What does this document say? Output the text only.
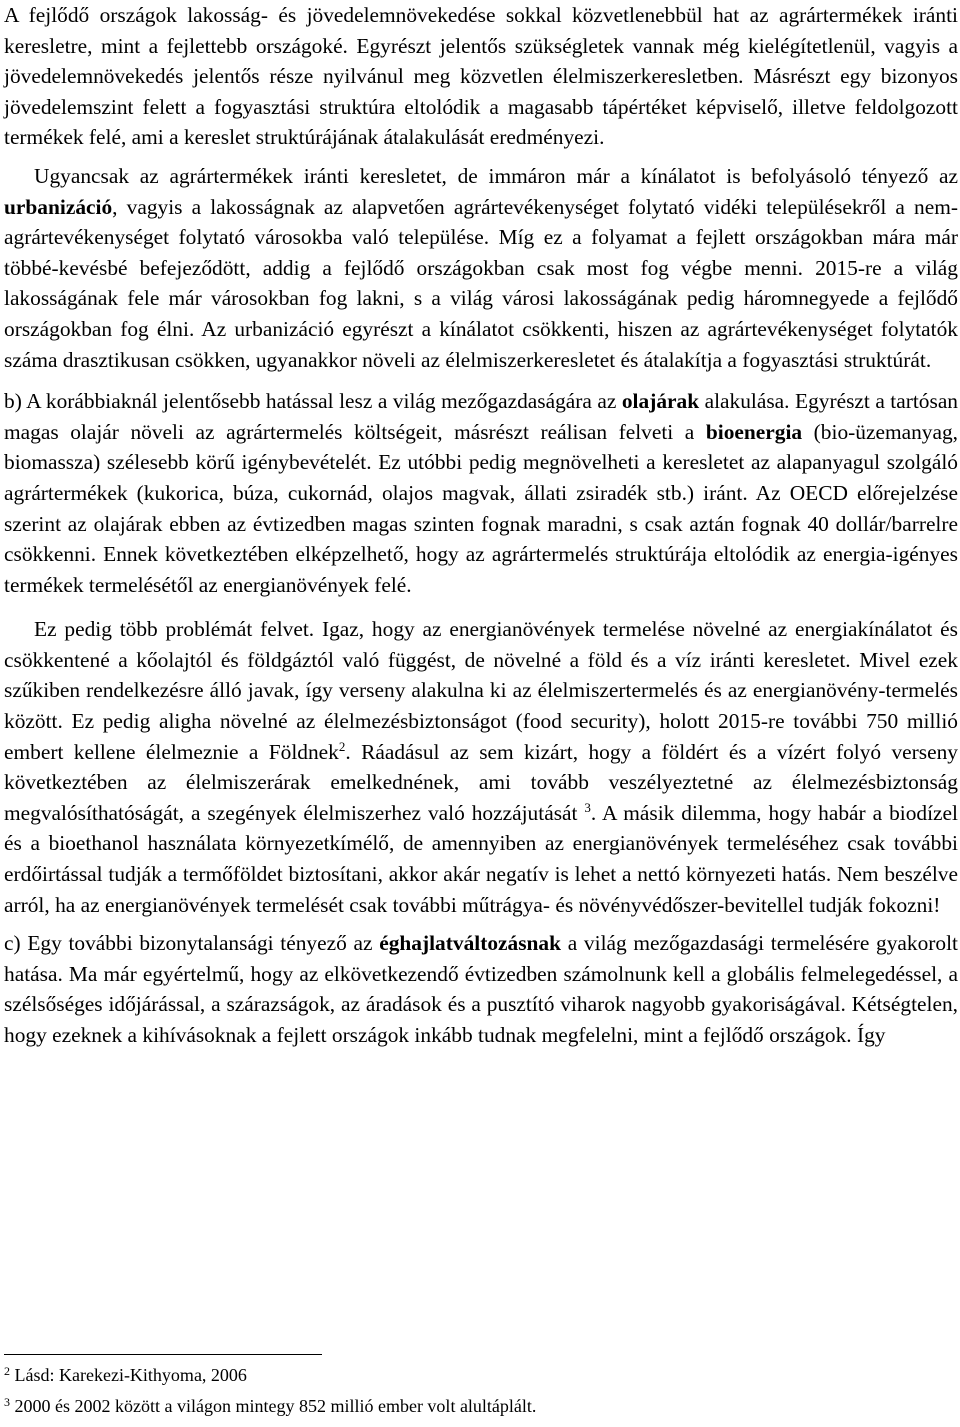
A fejlődő országok lakosság- és jövedelemnövekedése sokkal közvetlenebbül hat az agrártermékek iránti keresletre, mint a fejlettebb országoké. Egyrészt jelentős szükségletek vannak még kielégítetlenül, vagyis a jövedelemnövekedés jelentős része nyilvánul meg közvetlen élelmiszerkeresletben. Másrészt egy bizonyos jövedelemszint felett a fogyasztási struktúra eltolódik a magasabb tápértéket képviselő, illetve feldolgozott termékek felé, ami a kereslet struktúrájának átalakulását eredményezi.

Ugyancsak az agrártermékek iránti keresletet, de immáron már a kínálatot is befolyásoló tényező az urbanizáció, vagyis a lakosságnak az alapvetően agrártevékenységet folytató vidéki településekről a nem-agrártevékenységet folytató városokba való települése. Míg ez a folyamat a fejlett országokban mára már többé-kevésbé befejeződött, addig a fejlődő országokban csak most fog végbe menni. 2015-re a világ lakosságának fele már városokban fog lakni, s a világ városi lakosságának pedig háromnegyede a fejlődő országokban fog élni. Az urbanizáció egyrészt a kínálatot csökkenti, hiszen az agrártevékenységet folytatók száma drasztikusan csökken, ugyanakkor növeli az élelmiszerkeresletet és átalakítja a fogyasztási struktúrát.

b) A korábbiaknál jelentősebb hatással lesz a világ mezőgazdaságára az olajárak alakulása. Egyrészt a tartósan magas olajár növeli az agrártermelés költségeit, másrészt reálisan felveti a bioenergia (bio-üzemanyag, biomassza) szélesebb körű igénybevételét. Ez utóbbi pedig megnövelheti a keresletet az alapanyagul szolgáló agrártermékek (kukorica, búza, cukornád, olajos magvak, állati zsiradék stb.) iránt. Az OECD előrejelzése szerint az olajárak ebben az évtizedben magas szinten fognak maradni, s csak aztán fognak 40 dollár/barrelre csökkenni. Ennek következtében elképzelhető, hogy az agrártermelés struktúrája eltolódik az energia-igényes termékek termelésétől az energianövények felé.

Ez pedig több problémát felvet. Igaz, hogy az energianövények termelése növelné az energiakínálatot és csökkentené a kőolajtól és földgáztól való függést, de növelné a föld és a víz iránti keresletet. Mivel ezek szűkiben rendelkezésre álló javak, így verseny alakulna ki az élelmiszertermelés és az energianövény-termelés között. Ez pedig aligha növelné az élelmezésbiztonságot (food security), holott 2015-re további 750 millió embert kellene élelmeznie a Földnek$^2$. Ráadásul az sem kizárt, hogy a földért és a vízért folyó verseny következtében az élelmiszerárak emelkednének, ami tovább veszélyeztetné az élelmezésbiztonság megvalósíthatóságát, a szegények élelmiszerhez való hozzájutását $^3$. A másik dilemma, hogy habár a biodízel és a bioethanol használata környezetkímélő, de amennyiben az energianövények termeléséhez csak további erdőirtással tudják a termőföldet biztosítani, akkor akár negatív is lehet a nettó környezeti hatás. Nem beszélve arról, ha az energianövények termelését csak további műtrágya- és növényvédőszer-bevitellel tudják fokozni!

c) Egy további bizonytalansági tényező az éghajlatváltozásnak a világ mezőgazdasági termelésére gyakorolt hatása. Ma már egyértelmű, hogy az elkövetkezendő évtizedben számolnunk kell a globális felmelegedéssel, a szélsőséges időjárással, a szárazságok, az áradások és a pusztító viharok nagyobb gyakoriságával. Kétségtelen, hogy ezeknek a kihívásoknak a fejlett országok inkább tudnak megfelelni, mint a fejlődő országok. Így

$^2$ Lásd: Karekezi-Kithyoma, 2006

$^3$ 2000 és 2002 között a világon mintegy 852 millió ember volt alultáplált.
